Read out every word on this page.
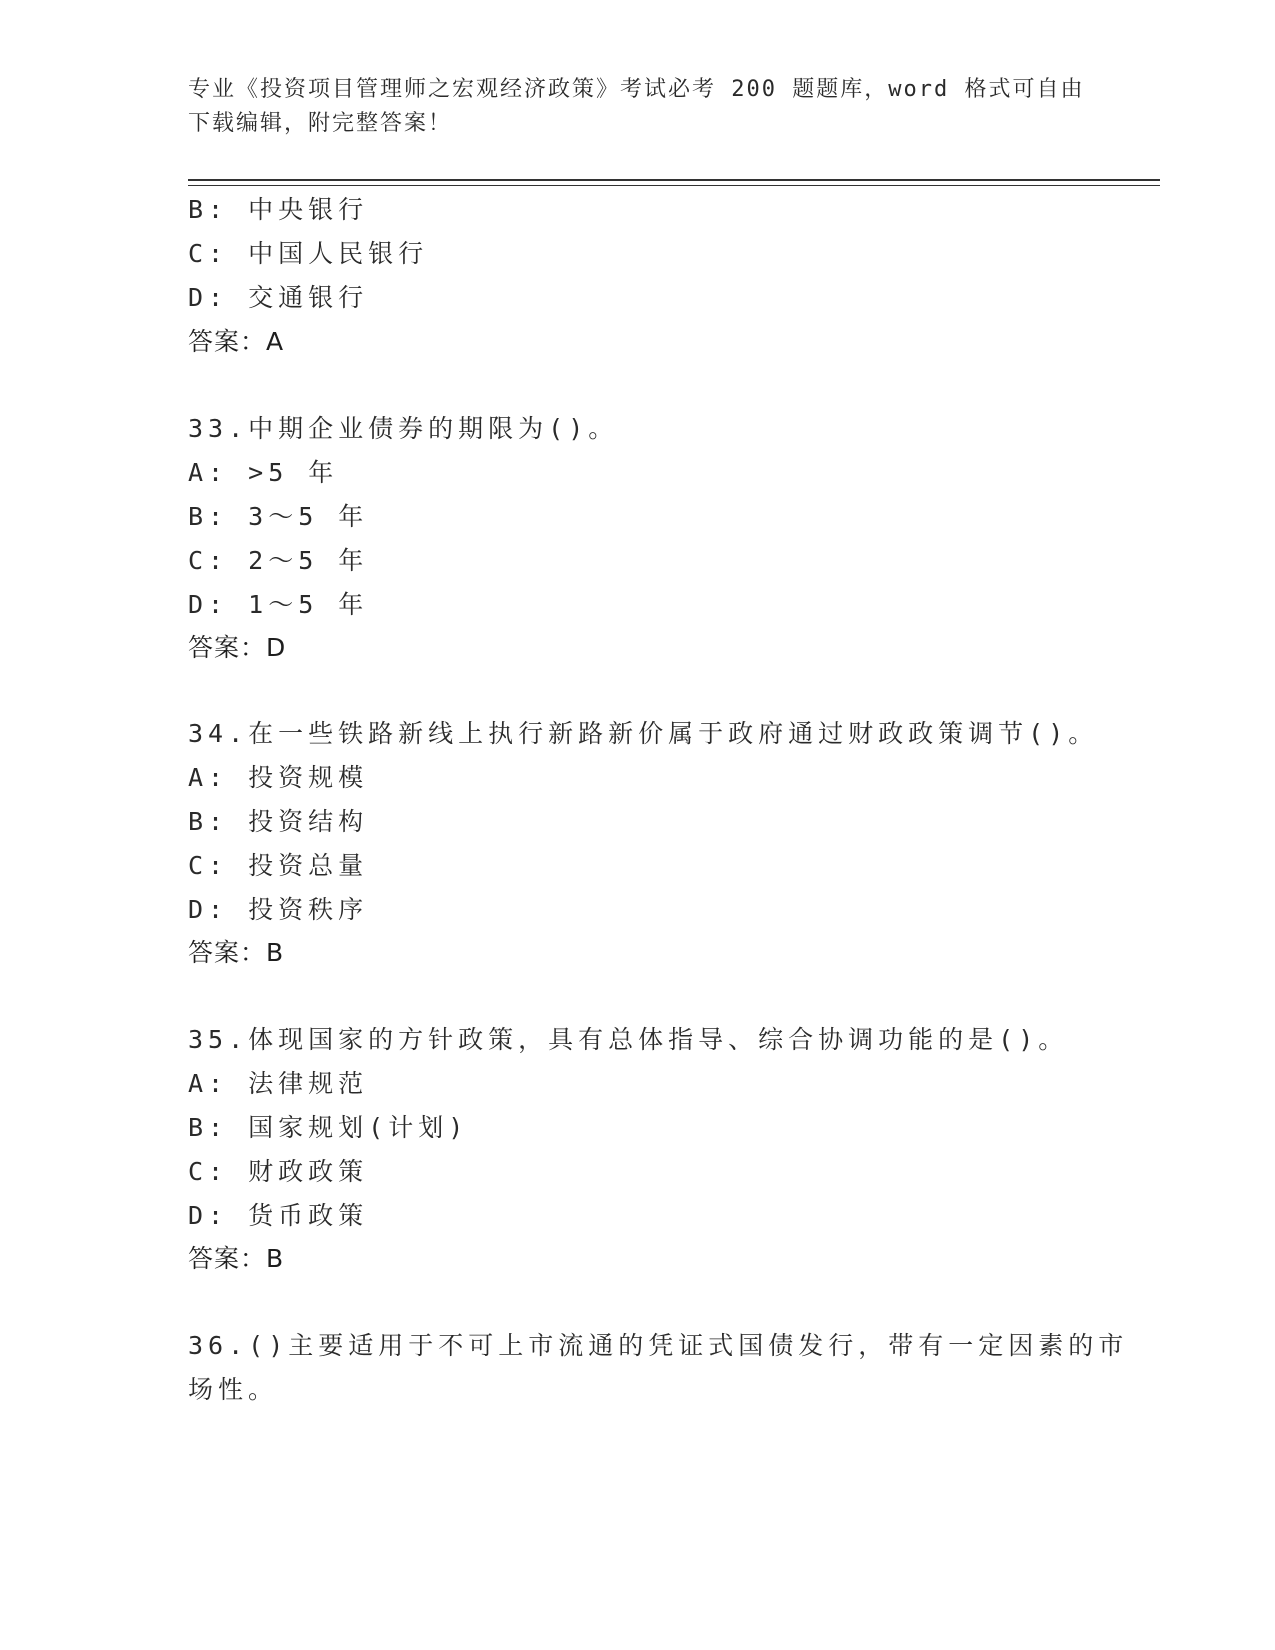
专业《投资项目管理师之宏观经济政策》考试必考 200 题题库，word 格式可自由
下载编辑，附完整答案！
B: 中央银行
C: 中国人民银行
D: 交通银行
答案：A
33.中期企业债券的期限为()。
A: >5 年
B: 3～5 年
C: 2～5 年
D: 1～5 年
答案：D
34.在一些铁路新线上执行新路新价属于政府通过财政政策调节()。
A: 投资规模
B: 投资结构
C: 投资总量
D: 投资秩序
答案：B
35.体现国家的方针政策，具有总体指导、综合协调功能的是()。
A: 法律规范
B: 国家规划(计划)
C: 财政政策
D: 货币政策
答案：B
36.()主要适用于不可上市流通的凭证式国债发行，带有一定因素的市
场性。
